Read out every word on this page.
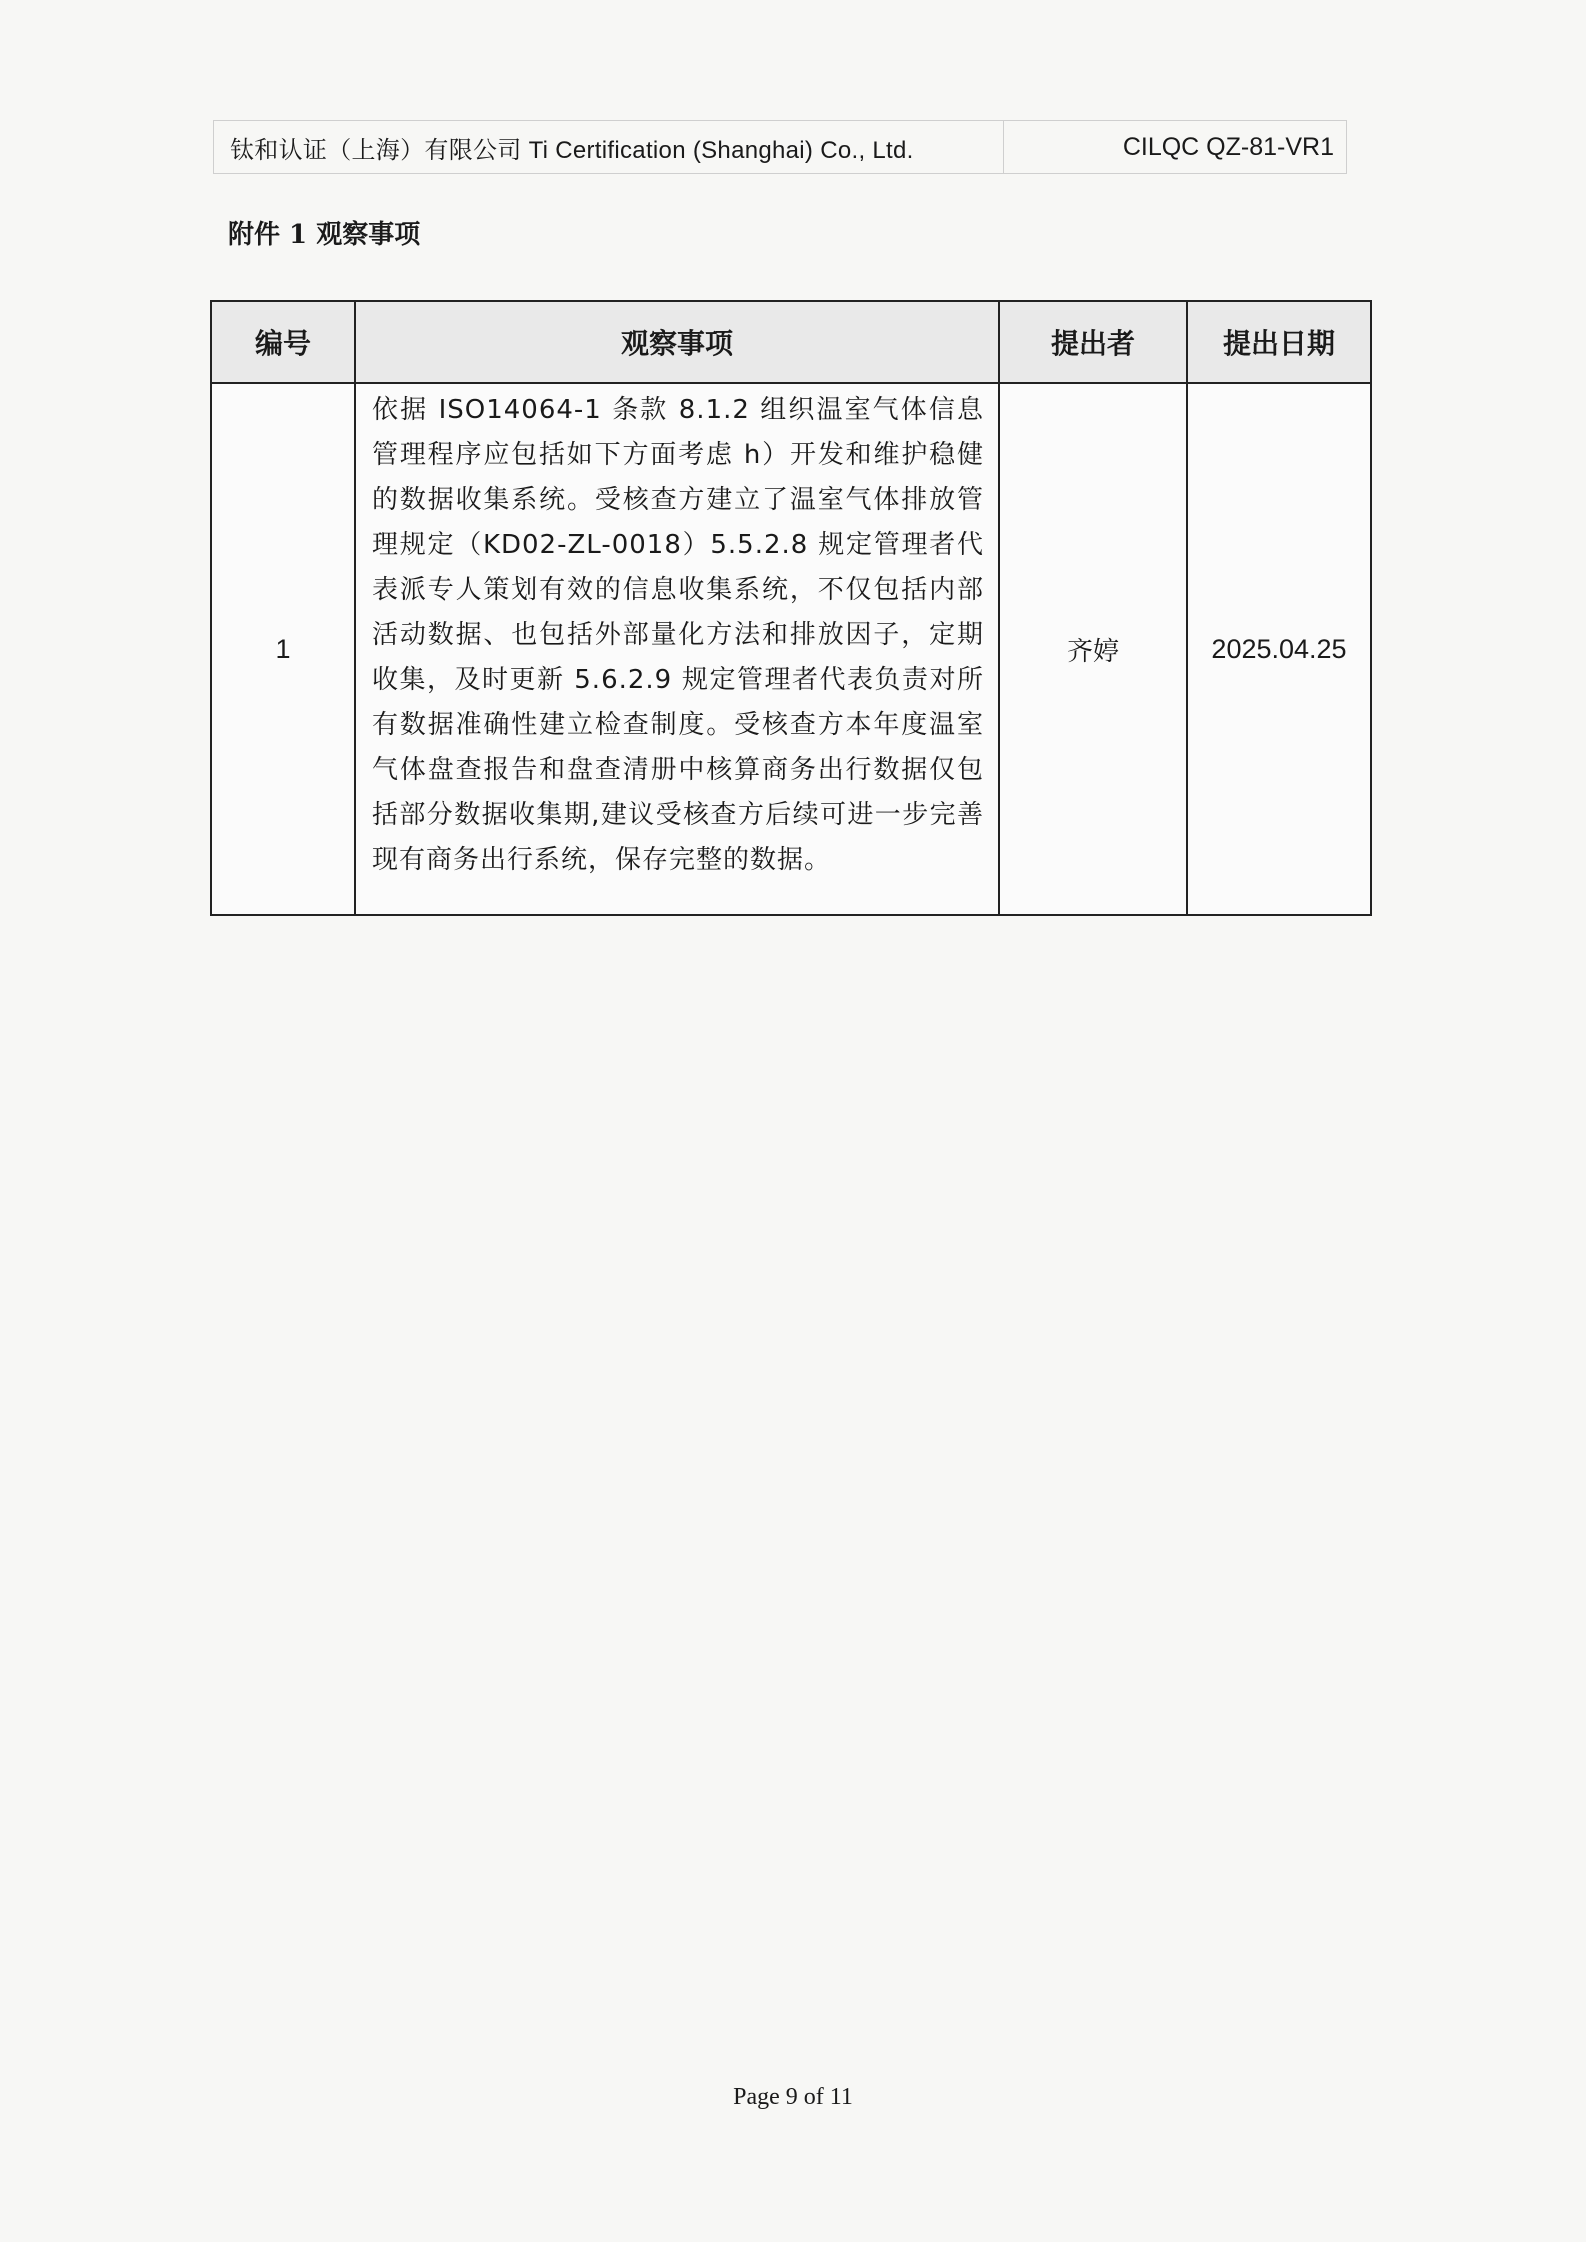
钛和认证（上海）有限公司 Ti Certification (Shanghai) Co., Ltd.	CILQC QZ-81-VR1
附件 1 观察事项
编号	观察事项	提出者	提出日期
1	依据 ISO14064-1 条款 8.1.2 组织温室气体信息管理程序应包括如下方面考虑 h）开发和维护稳健的数据收集系统。受核查方建立了温室气体排放管理规定（KD02-ZL-0018）5.5.2.8 规定管理者代表派专人策划有效的信息收集系统，不仅包括内部活动数据、也包括外部量化方法和排放因子，定期收集，及时更新 5.6.2.9 规定管理者代表负责对所有数据准确性建立检查制度。受核查方本年度温室气体盘查报告和盘查清册中核算商务出行数据仅包括部分数据收集期,建议受核查方后续可进一步完善现有商务出行系统，保存完整的数据。	齐婷	2025.04.25
Page 9 of 11
